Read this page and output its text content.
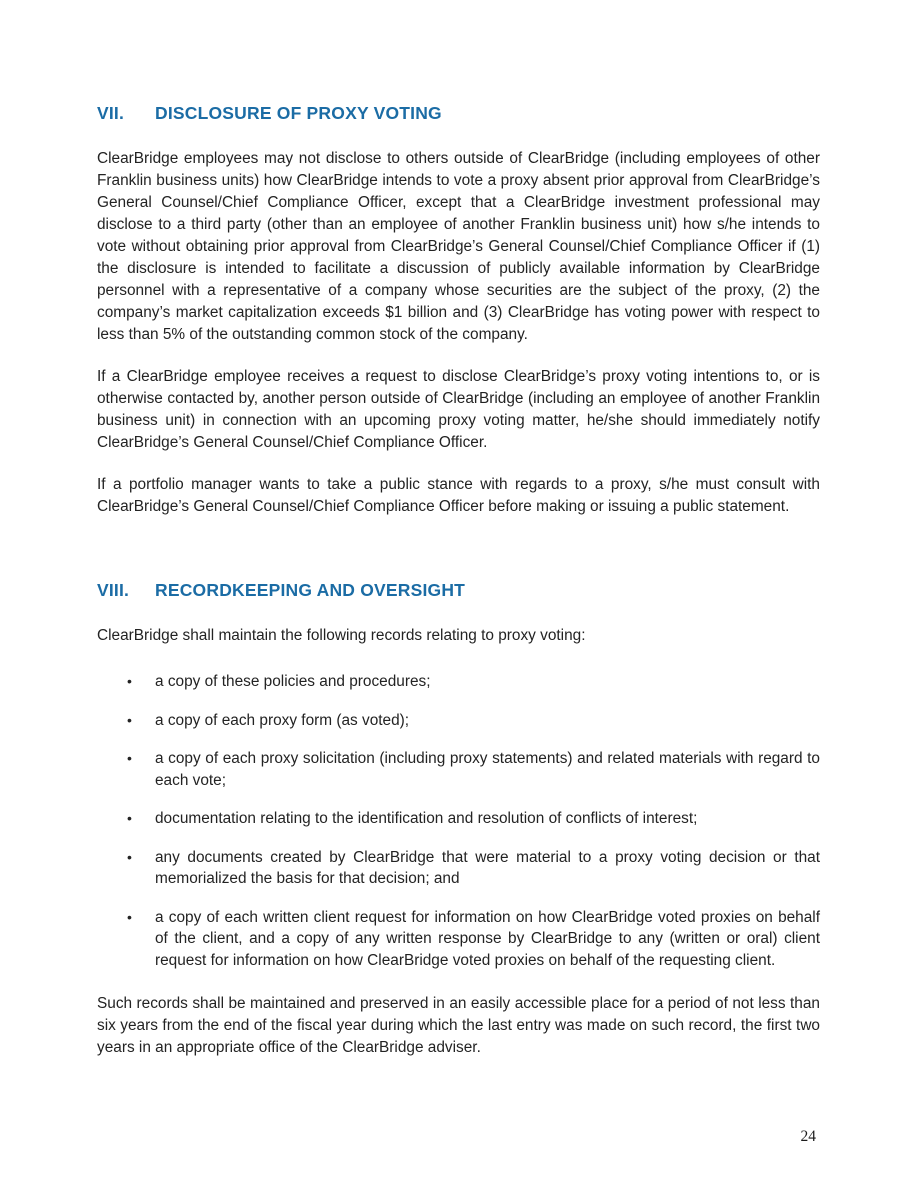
VII.	DISCLOSURE OF PROXY VOTING

ClearBridge employees may not disclose to others outside of ClearBridge (including employees of other Franklin business units) how ClearBridge intends to vote a proxy absent prior approval from ClearBridge’s General Counsel/Chief Compliance Officer, except that a ClearBridge investment professional may disclose to a third party (other than an employee of another Franklin business unit) how s/he intends to vote without obtaining prior approval from ClearBridge’s General Counsel/Chief Compliance Officer if (1) the disclosure is intended to facilitate a discussion of publicly available information by ClearBridge personnel with a representative of a company whose securities are the subject of the proxy, (2) the company’s market capitalization exceeds $1 billion and (3) ClearBridge has voting power with respect to less than 5% of the outstanding common stock of the company.

If a ClearBridge employee receives a request to disclose ClearBridge’s proxy voting intentions to, or is otherwise contacted by, another person outside of ClearBridge (including an employee of another Franklin business unit) in connection with an upcoming proxy voting matter, he/she should immediately notify ClearBridge’s General Counsel/Chief Compliance Officer.

If a portfolio manager wants to take a public stance with regards to a proxy, s/he must consult with ClearBridge’s General Counsel/Chief Compliance Officer before making or issuing a public statement.

VIII.	RECORDKEEPING AND OVERSIGHT

ClearBridge shall maintain the following records relating to proxy voting:

•	a copy of these policies and procedures;
•	a copy of each proxy form (as voted);
•	a copy of each proxy solicitation (including proxy statements) and related materials with regard to each vote;
•	documentation relating to the identification and resolution of conflicts of interest;
•	any documents created by ClearBridge that were material to a proxy voting decision or that memorialized the basis for that decision; and
•	a copy of each written client request for information on how ClearBridge voted proxies on behalf of the client, and a copy of any written response by ClearBridge to any (written or oral) client request for information on how ClearBridge voted proxies on behalf of the requesting client.

Such records shall be maintained and preserved in an easily accessible place for a period of not less than six years from the end of the fiscal year during which the last entry was made on such record, the first two years in an appropriate office of the ClearBridge adviser.

24
